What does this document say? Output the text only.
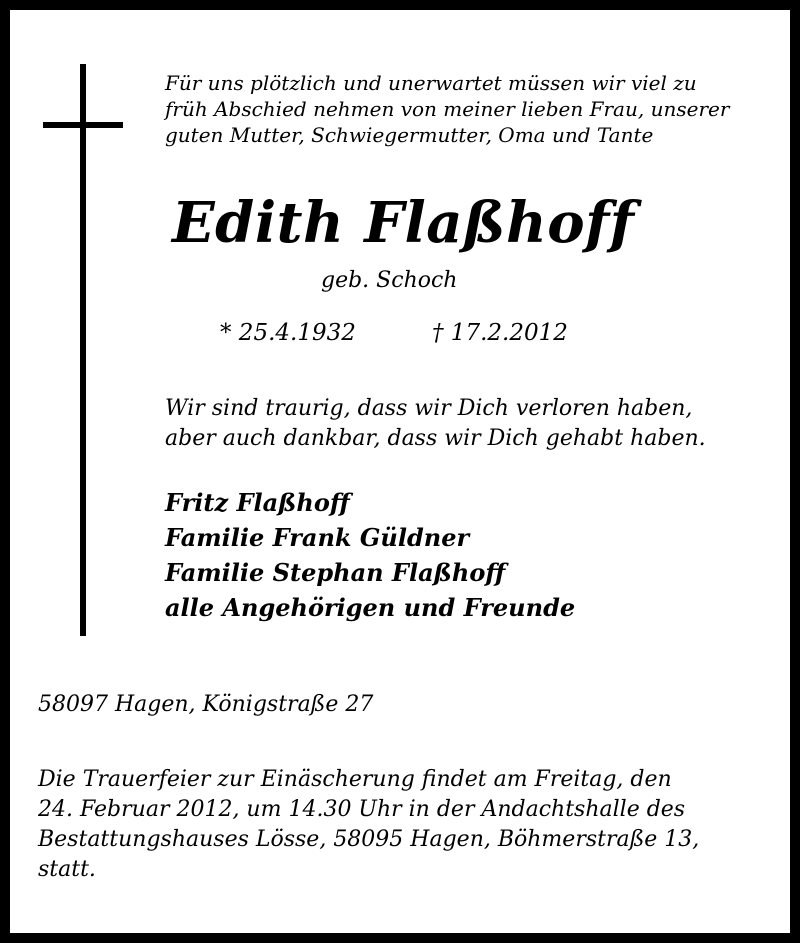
Für uns plötzlich und unerwartet müssen wir viel zu
früh Abschied nehmen von meiner lieben Frau, unserer
guten Mutter, Schwiegermutter, Oma und Tante

Edith Flaßhoff

geb. Schoch

* 25.4.1932	† 17.2.2012

Wir sind traurig, dass wir Dich verloren haben,
aber auch dankbar, dass wir Dich gehabt haben.

Fritz Flaßhoff
Familie Frank Güldner
Familie Stephan Flaßhoff
alle Angehörigen und Freunde

58097 Hagen, Königstraße 27

Die Trauerfeier zur Einäscherung findet am Freitag, den
24. Februar 2012, um 14.30 Uhr in der Andachtshalle des
Bestattungshauses Lösse, 58095 Hagen, Böhmerstraße 13,
statt.
